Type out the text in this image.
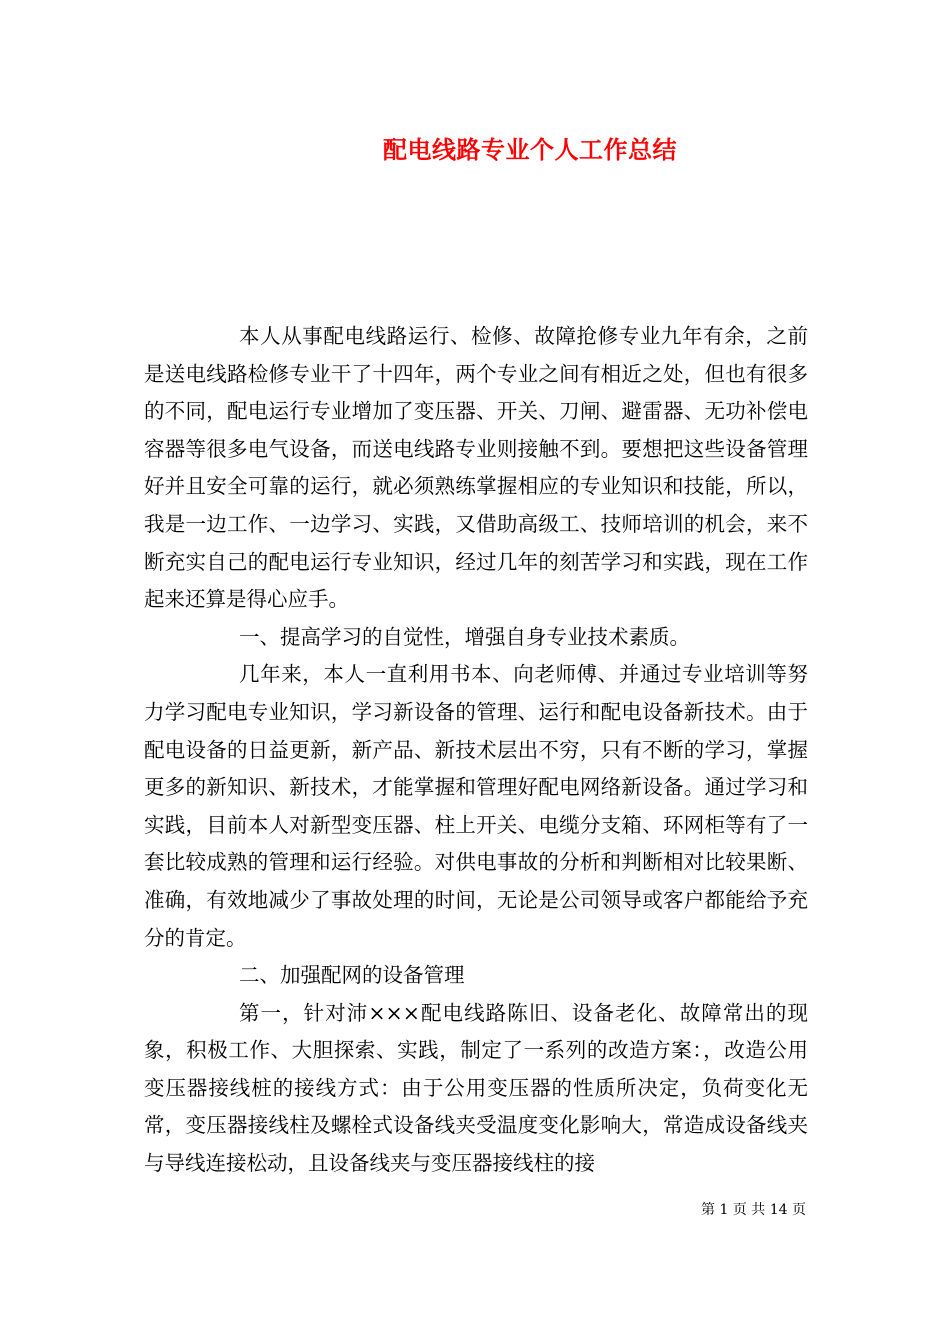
配电线路专业个人工作总结

本人从事配电线路运行、检修、故障抢修专业九年有余，之前是送电线路检修专业干了十四年，两个专业之间有相近之处，但也有很多的不同，配电运行专业增加了变压器、开关、刀闸、避雷器、无功补偿电容器等很多电气设备，而送电线路专业则接触不到。要想把这些设备管理好并且安全可靠的运行，就必须熟练掌握相应的专业知识和技能，所以，我是一边工作、一边学习、实践，又借助高级工、技师培训的机会，来不断充实自己的配电运行专业知识，经过几年的刻苦学习和实践，现在工作起来还算是得心应手。

一、提高学习的自觉性，增强自身专业技术素质。

几年来，本人一直利用书本、向老师傅、并通过专业培训等努力学习配电专业知识，学习新设备的管理、运行和配电设备新技术。由于配电设备的日益更新，新产品、新技术层出不穷，只有不断的学习，掌握更多的新知识、新技术，才能掌握和管理好配电网络新设备。通过学习和实践，目前本人对新型变压器、柱上开关、电缆分支箱、环网柜等有了一套比较成熟的管理和运行经验。对供电事故的分析和判断相对比较果断、准确，有效地减少了事故处理的时间，无论是公司领导或客户都能给予充分的肯定。

二、加强配网的设备管理

第一，针对沛×××配电线路陈旧、设备老化、故障常出的现象，积极工作、大胆探索、实践，制定了一系列的改造方案：，改造公用变压器接线桩的接线方式：由于公用变压器的性质所决定，负荷变化无常，变压器接线柱及螺栓式设备线夹受温度变化影响大，常造成设备线夹与导线连接松动，且设备线夹与变压器接线柱的接

第 1 页 共 14 页
